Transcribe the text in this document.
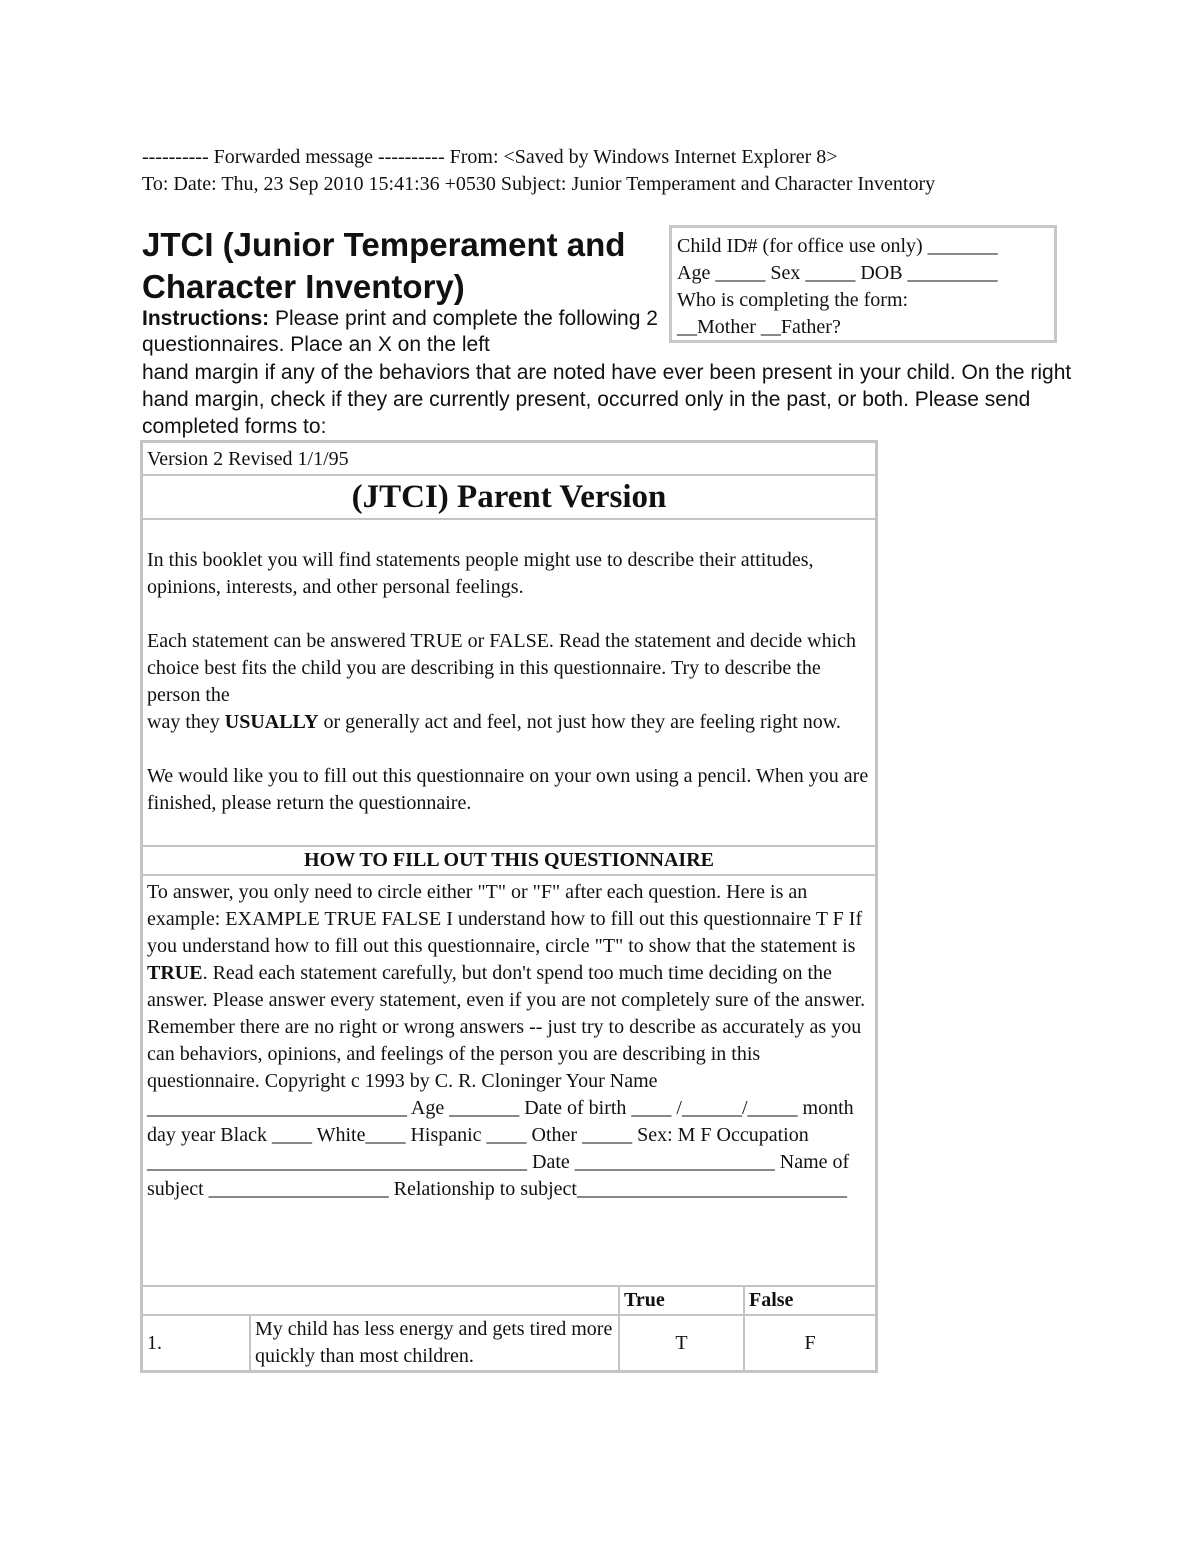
---------- Forwarded message ---------- From: <Saved by Windows Internet Explorer 8>
To: Date: Thu, 23 Sep 2010 15:41:36 +0530 Subject: Junior Temperament and Character Inventory
Child ID# (for office use only) _______
Age _____ Sex _____ DOB _________
Who is completing the form:
__Mother __Father?
JTCI (Junior Temperament and Character Inventory)
Instructions: Please print and complete the following 2 questionnaires. Place an X on the left
hand margin if any of the behaviors that are noted have ever been present in your child. On the right hand margin, check if they are currently present, occurred only in the past, or both. Please send completed forms to:
Version 2 Revised 1/1/95
(JTCI) Parent Version

In this booklet you will find statements people might use to describe their attitudes, opinions, interests, and other personal feelings.

Each statement can be answered TRUE or FALSE. Read the statement and decide which choice best fits the child you are describing in this questionnaire. Try to describe the person the
way they USUALLY or generally act and feel, not just how they are feeling right now.

We would like you to fill out this questionnaire on your own using a pencil. When you are finished, please return the questionnaire.

HOW TO FILL OUT THIS QUESTIONNAIRE
To answer, you only need to circle either "T" or "F" after each question. Here is an example: EXAMPLE TRUE FALSE I understand how to fill out this questionnaire T F If you understand how to fill out this questionnaire, circle "T" to show that the statement is TRUE. Read each statement carefully, but don't spend too much time deciding on the answer. Please answer every statement, even if you are not completely sure of the answer. Remember there are no right or wrong answers -- just try to describe as accurately as you can behaviors, opinions, and feelings of the person you are describing in this questionnaire. Copyright c 1993 by C. R. Cloninger Your Name __________________________ Age _______ Date of birth ____ /______/_____ month day year Black ____ White____ Hispanic ____ Other _____ Sex: M F Occupation ______________________________________ Date ____________________ Name of subject __________________ Relationship to subject___________________________
		True	False
1.	My child has less energy and gets tired more quickly than most children.	T	F
